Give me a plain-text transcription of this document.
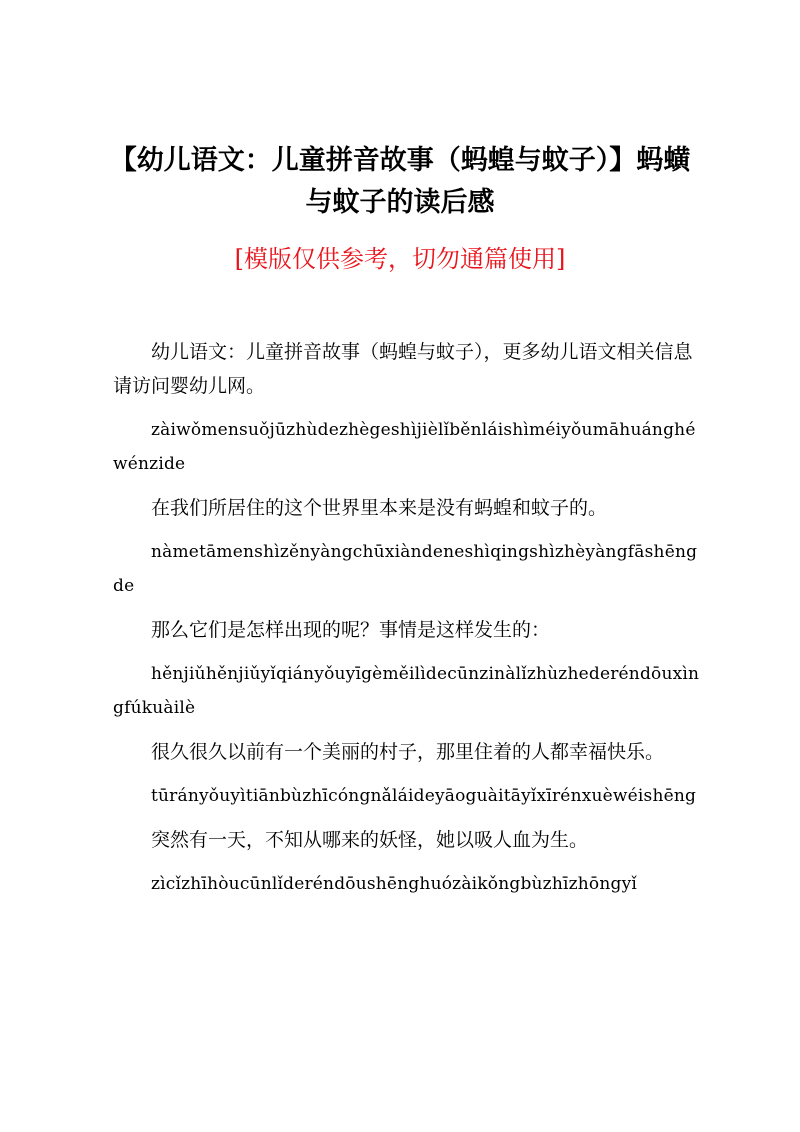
【幼儿语文：儿童拼音故事（蚂蝗与蚊子）】蚂蟥与蚊子的读后感
[模版仅供参考，切勿通篇使用]

幼儿语文：儿童拼音故事（蚂蝗与蚊子），更多幼儿语文相关信息请访问婴幼儿网。

zàiwǒmensuǒjūzhùdezhègeshìjièlǐběnláishìméiyǒumāhuánghéwénzide

在我们所居住的这个世界里本来是没有蚂蝗和蚊子的。

nàmetāmenshìzěnyàngchūxiàndeneshìqingshìzhèyàngfāshēngde

那么它们是怎样出现的呢？事情是这样发生的：

hěnjiǔhěnjiǔyǐqiányǒuyīgèměilìdecūnzinàlǐzhùzhederéndōuxìngfúkuàilè

很久很久以前有一个美丽的村子，那里住着的人都幸福快乐。

tūrányǒuyìtiānbùzhīcóngnǎláideyāoguàitāyǐxīrénxuèwéishēng

突然有一天，不知从哪来的妖怪，她以吸人血为生。

zìcǐzhīhòucūnlǐderéndōushēnghuózàikǒngbùzhīzhōngyǐ
